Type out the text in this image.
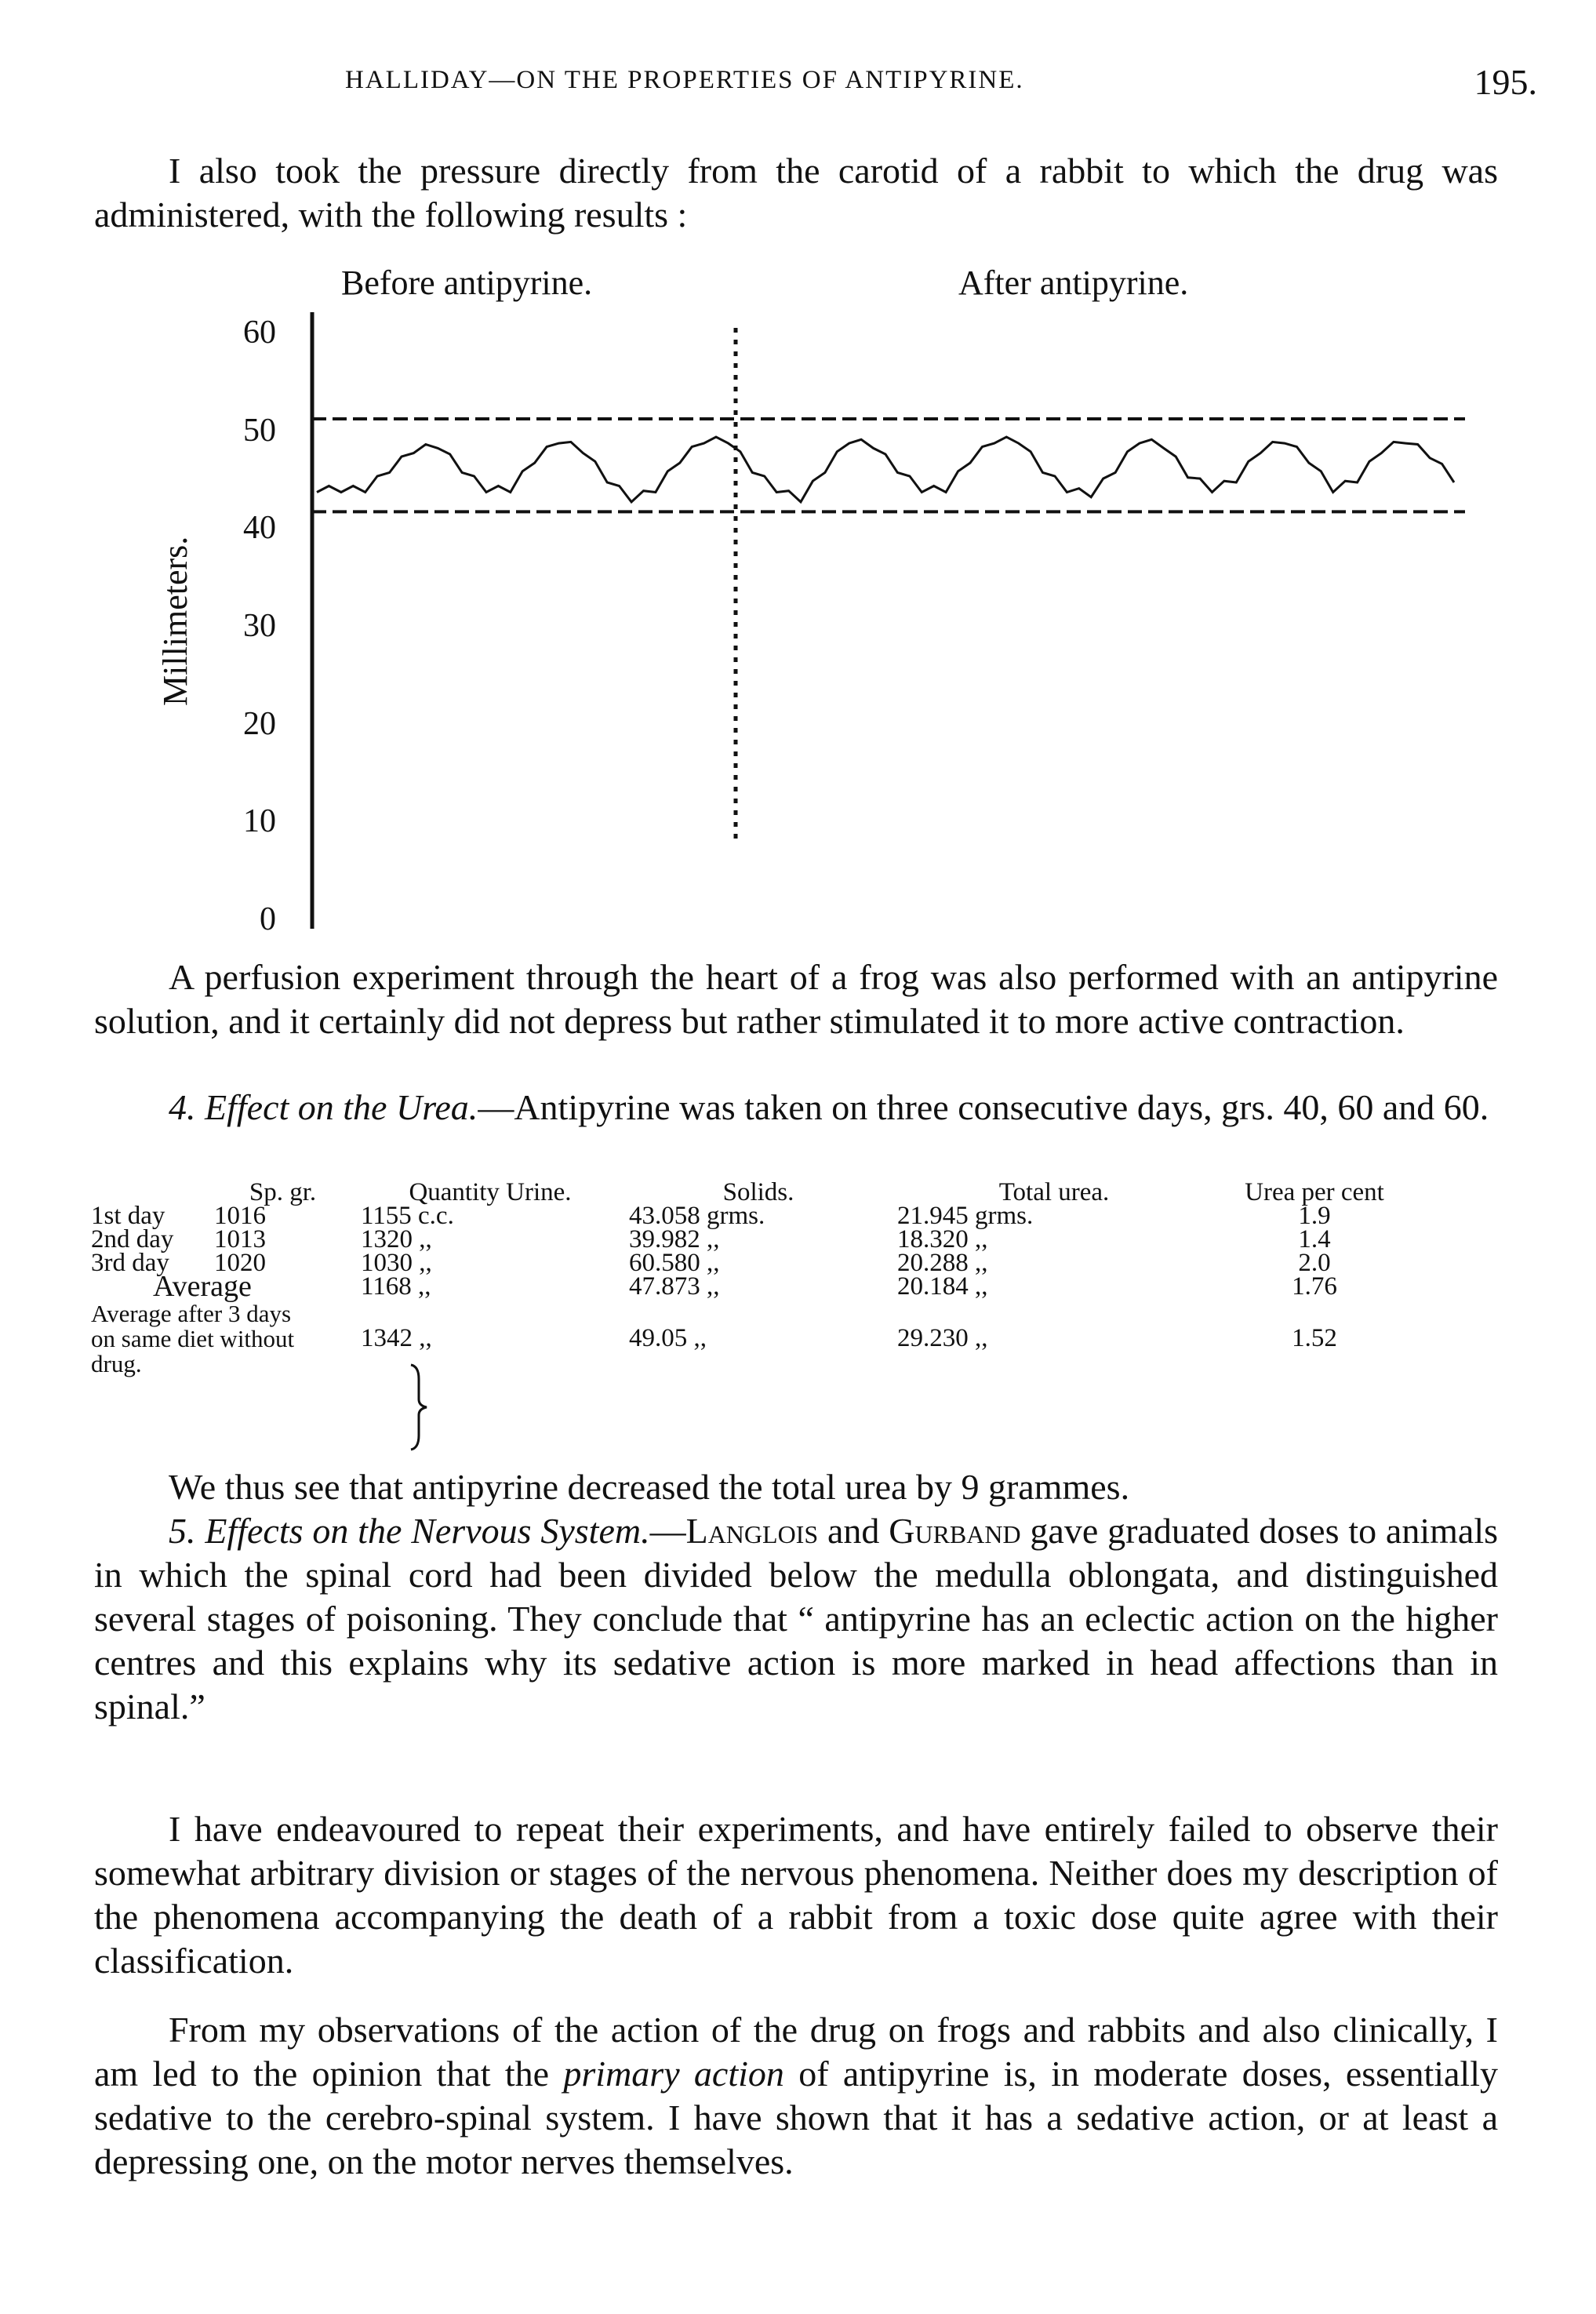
HALLIDAY—ON THE PROPERTIES OF ANTIPYRINE.	195.

I also took the pressure directly from the carotid of a rabbit to which the drug was administered, with the following results :

Before antipyrine.	After antipyrine.
Millimeters.
60
50
40
30
20
10
0

A perfusion experiment through the heart of a frog was also performed with an antipyrine solution, and it certainly did not depress but rather stimulated it to more active contraction.

4. Effect on the Urea.—Antipyrine was taken on three consecutive days, grs. 40, 60 and 60.

	Sp. gr.	Quantity Urine.	Solids.	Total urea.	Urea per cent
1st day	1016	1155 c.c.	43.058 grms.	21.945 grms.	1.9
2nd day	1013	1320 ,,	39.982 ,,	18.320 ,,	1.4
3rd day	1020	1030 ,,	60.580 ,,	20.288 ,,	2.0
Average		1168 ,,	47.873 ,,	20.184 ,,	1.76

Average after 3 days
on same diet without
drug.		1342 ,,	49.05 ,,	29.230 ,,	1.52

We thus see that antipyrine decreased the total urea by 9 grammes.

5. Effects on the Nervous System.—Langlois and Gurband gave graduated doses to animals in which the spinal cord had been divided below the medulla oblongata, and distinguished several stages of poisoning. They conclude that “ antipyrine has an eclectic action on the higher centres and this explains why its sedative action is more marked in head affections than in spinal.”

I have endeavoured to repeat their experiments, and have entirely failed to observe their somewhat arbitrary division or stages of the nervous phenomena. Neither does my description of the phenomena accompanying the death of a rabbit from a toxic dose quite agree with their classification.

From my observations of the action of the drug on frogs and rabbits and also clinically, I am led to the opinion that the primary action of antipyrine is, in moderate doses, essentially sedative to the cerebro-spinal system. I have shown that it has a sedative action, or at least a depressing one, on the motor nerves themselves.
